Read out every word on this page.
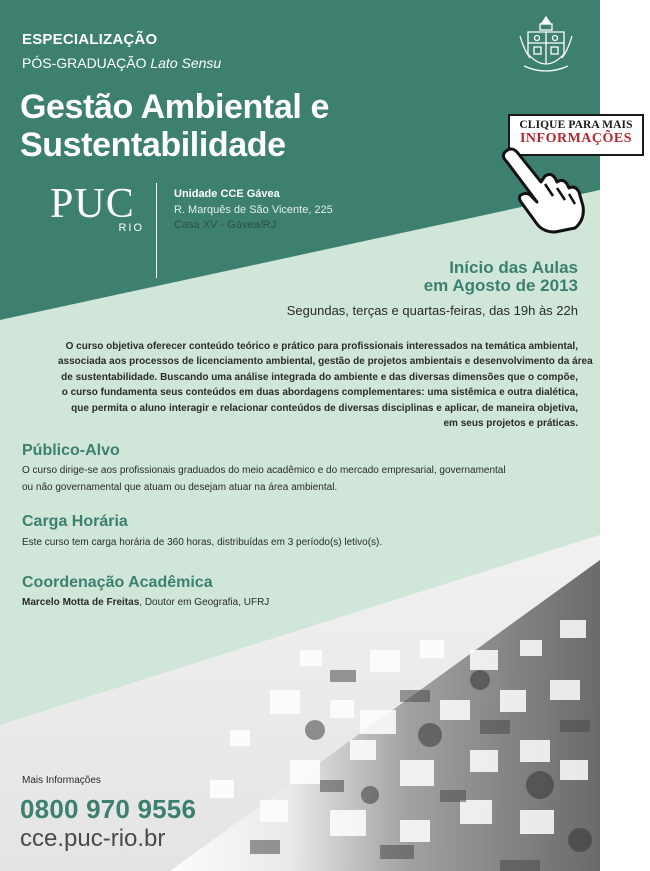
ESPECIALIZAÇÃO
PÓS-GRADUAÇÃO Lato Sensu
Gestão Ambiental e
Sustentabilidade
PUC
RIO
Unidade CCE Gávea
R. Marquês de São Vicente, 225
Casa XV - Gávea/RJ
CLIQUE PARA MAIS
INFORMAÇÕES
Início das Aulas
em Agosto de 2013
Segundas, terças e quartas-feiras, das 19h às 22h
O curso objetiva oferecer conteúdo teórico e prático para profissionais interessados na temática ambiental,
associada aos processos de licenciamento ambiental, gestão de projetos ambientais e desenvolvimento da área
de sustentabilidade. Buscando uma análise integrada do ambiente e das diversas dimensões que o compõe,
o curso fundamenta seus conteúdos em duas abordagens complementares: uma sistêmica e outra dialética,
que permita o aluno interagir e relacionar conteúdos de diversas disciplinas e aplicar, de maneira objetiva,
em seus projetos e práticas.
Público-Alvo
O curso dirige-se aos profissionais graduados do meio acadêmico e do mercado empresarial, governamental
ou não governamental que atuam ou desejam atuar na área ambiental.
Carga Horária
Este curso tem carga horária de 360 horas, distribuídas em 3 período(s) letivo(s).
Coordenação Acadêmica
Marcelo Motta de Freitas, Doutor em Geografia, UFRJ
Mais Informações
0800 970 9556
cce.puc-rio.br
